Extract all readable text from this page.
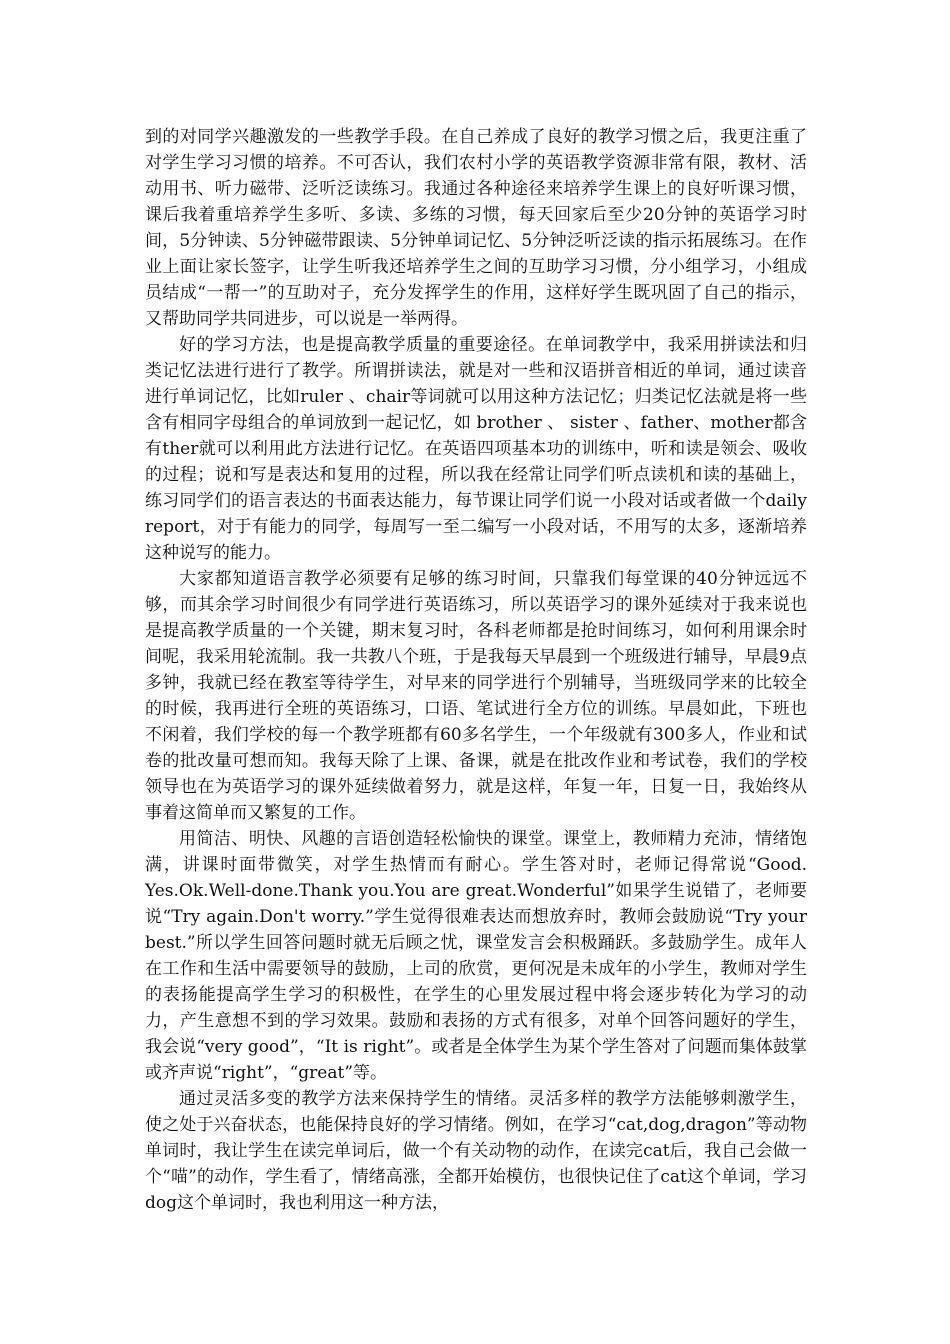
到的对同学兴趣激发的一些教学手段。在自己养成了良好的教学习惯之后，我更注重了对学生学习习惯的培养。不可否认，我们农村小学的英语教学资源非常有限，教材、活动用书、听力磁带、泛听泛读练习。我通过各种途径来培养学生课上的良好听课习惯，课后我着重培养学生多听、多读、多练的习惯，每天回家后至少20分钟的英语学习时间，5分钟读、5分钟磁带跟读、5分钟单词记忆、5分钟泛听泛读的指示拓展练习。在作业上面让家长签字，让学生听我还培养学生之间的互助学习习惯，分小组学习，小组成员结成“一帮一”的互助对子，充分发挥学生的作用，这样好学生既巩固了自己的指示，又帮助同学共同进步，可以说是一举两得。

好的学习方法，也是提高教学质量的重要途径。在单词教学中，我采用拼读法和归类记忆法进行进行了教学。所谓拼读法，就是对一些和汉语拼音相近的单词，通过读音进行单词记忆，比如ruler 、chair等词就可以用这种方法记忆；归类记忆法就是将一些含有相同字母组合的单词放到一起记忆，如 brother 、 sister 、father、mother都含有ther就可以利用此方法进行记忆。在英语四项基本功的训练中，听和读是领会、吸收的过程；说和写是表达和复用的过程，所以我在经常让同学们听点读机和读的基础上，练习同学们的语言表达的书面表达能力，每节课让同学们说一小段对话或者做一个daily report，对于有能力的同学，每周写一至二编写一小段对话，不用写的太多，逐渐培养这种说写的能力。

大家都知道语言教学必须要有足够的练习时间，只靠我们每堂课的40分钟远远不够，而其余学习时间很少有同学进行英语练习，所以英语学习的课外延续对于我来说也是提高教学质量的一个关键，期末复习时，各科老师都是抢时间练习，如何利用课余时间呢，我采用轮流制。我一共教八个班，于是我每天早晨到一个班级进行辅导，早晨9点多钟，我就已经在教室等待学生，对早来的同学进行个别辅导，当班级同学来的比较全的时候，我再进行全班的英语练习，口语、笔试进行全方位的训练。早晨如此，下班也不闲着，我们学校的每一个教学班都有60多名学生，一个年级就有300多人，作业和试卷的批改量可想而知。我每天除了上课、备课，就是在批改作业和考试卷，我们的学校领导也在为英语学习的课外延续做着努力，就是这样，年复一年，日复一日，我始终从事着这简单而又繁复的工作。

用简洁、明快、风趣的言语创造轻松愉快的课堂。课堂上，教师精力充沛，情绪饱满，讲课时面带微笑，对学生热情而有耐心。学生答对时，老师记得常说“Good. Yes.Ok.Well-done.Thank you.You are great.Wonderful”如果学生说错了，老师要说“Try again.Don't worry.”学生觉得很难表达而想放弃时，教师会鼓励说“Try your best.”所以学生回答问题时就无后顾之忧，课堂发言会积极踊跃。多鼓励学生。成年人在工作和生活中需要领导的鼓励，上司的欣赏，更何况是未成年的小学生，教师对学生的表扬能提高学生学习的积极性，在学生的心里发展过程中将会逐步转化为学习的动力，产生意想不到的学习效果。鼓励和表扬的方式有很多，对单个回答问题好的学生，我会说“very good”，“It is right”。或者是全体学生为某个学生答对了问题而集体鼓掌或齐声说“right”，“great”等。

通过灵活多变的教学方法来保持学生的情绪。灵活多样的教学方法能够刺激学生，使之处于兴奋状态，也能保持良好的学习情绪。例如，在学习“cat,dog,dragon”等动物单词时，我让学生在读完单词后，做一个有关动物的动作，在读完cat后，我自己会做一个“喵”的动作，学生看了，情绪高涨，全都开始模仿，也很快记住了cat这个单词，学习dog这个单词时，我也利用这一种方法，
